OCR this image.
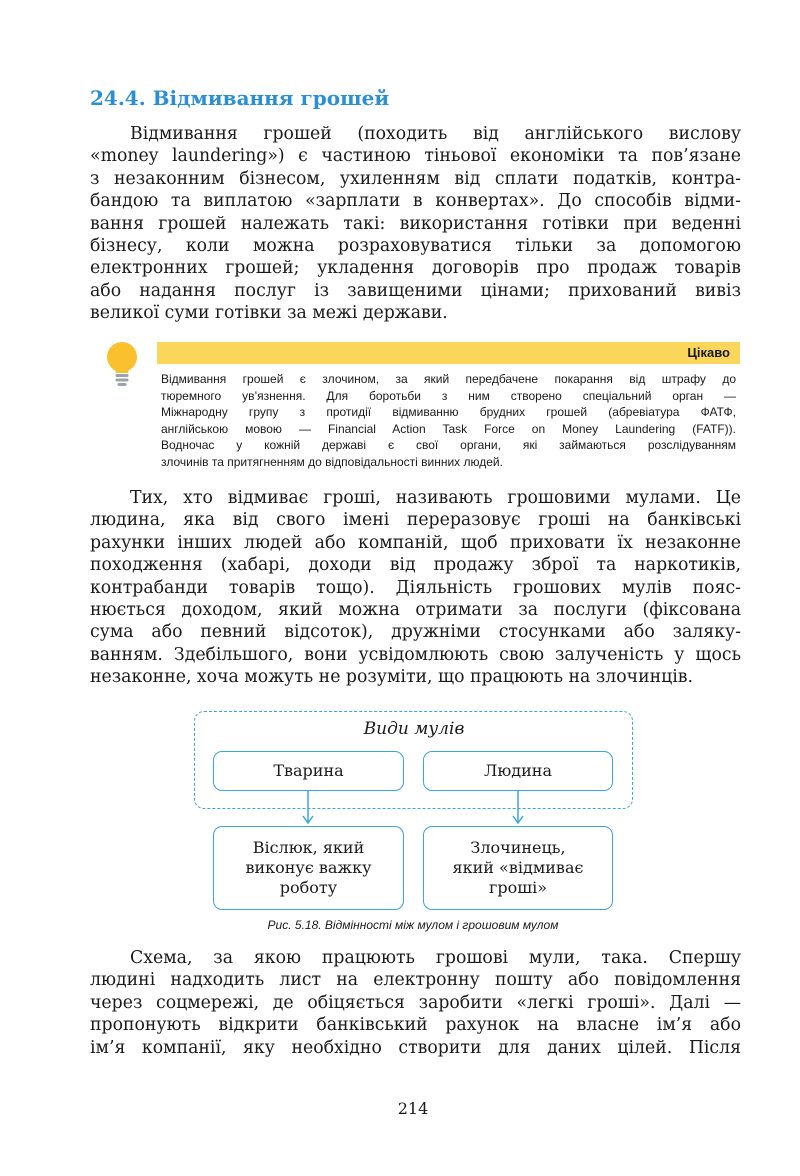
24.4. Відмивання грошей

Відмивання грошей (походить від англійського вислову
«money laundering») є частиною тіньової економіки та пов’язане
з незаконним бізнесом, ухиленням від сплати податків, контра-
бандою та виплатою «зарплати в конвертах». До способів відми-
вання грошей належать такі: використання готівки при веденні
бізнесу, коли можна розраховуватися тільки за допомогою
електронних грошей; укладення договорів про продаж товарів
або надання послуг із завищеними цінами; прихований вивіз
великої суми готівки за межі держави.

Цікаво
Відмивання грошей є злочином, за який передбачене покарання від штрафу до
тюремного ув’язнення. Для боротьби з ним створено спеціальний орган —
Міжнародну групу з протидії відмиванню брудних грошей (абревіатура ФАТФ,
англійською мовою — Financial Action Task Force on Money Laundering (FATF)).
Водночас у кожній державі є свої органи, які займаються розслідуванням
злочинів та притягненням до відповідальності винних людей.

Тих, хто відмиває гроші, називають грошовими мулами. Це
людина, яка від свого імені переразовує гроші на банківські
рахунки інших людей або компаній, щоб приховати їх незаконне
походження (хабарі, доходи від продажу зброї та наркотиків,
контрабанди товарів тощо). Діяльність грошових мулів пояс-
нюється доходом, який можна отримати за послуги (фіксована
сума або певний відсоток), дружніми стосунками або заляку-
ванням. Здебільшого, вони усвідомлюють свою залученість у щось
незаконне, хоча можуть не розуміти, що працюють на злочинців.

Види мулів
Тварина	Людина
Віслюк, який
виконує важку
роботу
Злочинець,
який «відмиває
гроші»
Рис. 5.18. Відмінності між мулом і грошовим мулом

Схема, за якою працюють грошові мули, така. Спершу
людині надходить лист на електронну пошту або повідомлення
через соцмережі, де обіцяється заробити «легкі гроші». Далі —
пропонують відкрити банківський рахунок на власне ім’я або
ім’я компанії, яку необхідно створити для даних цілей. Після

214
